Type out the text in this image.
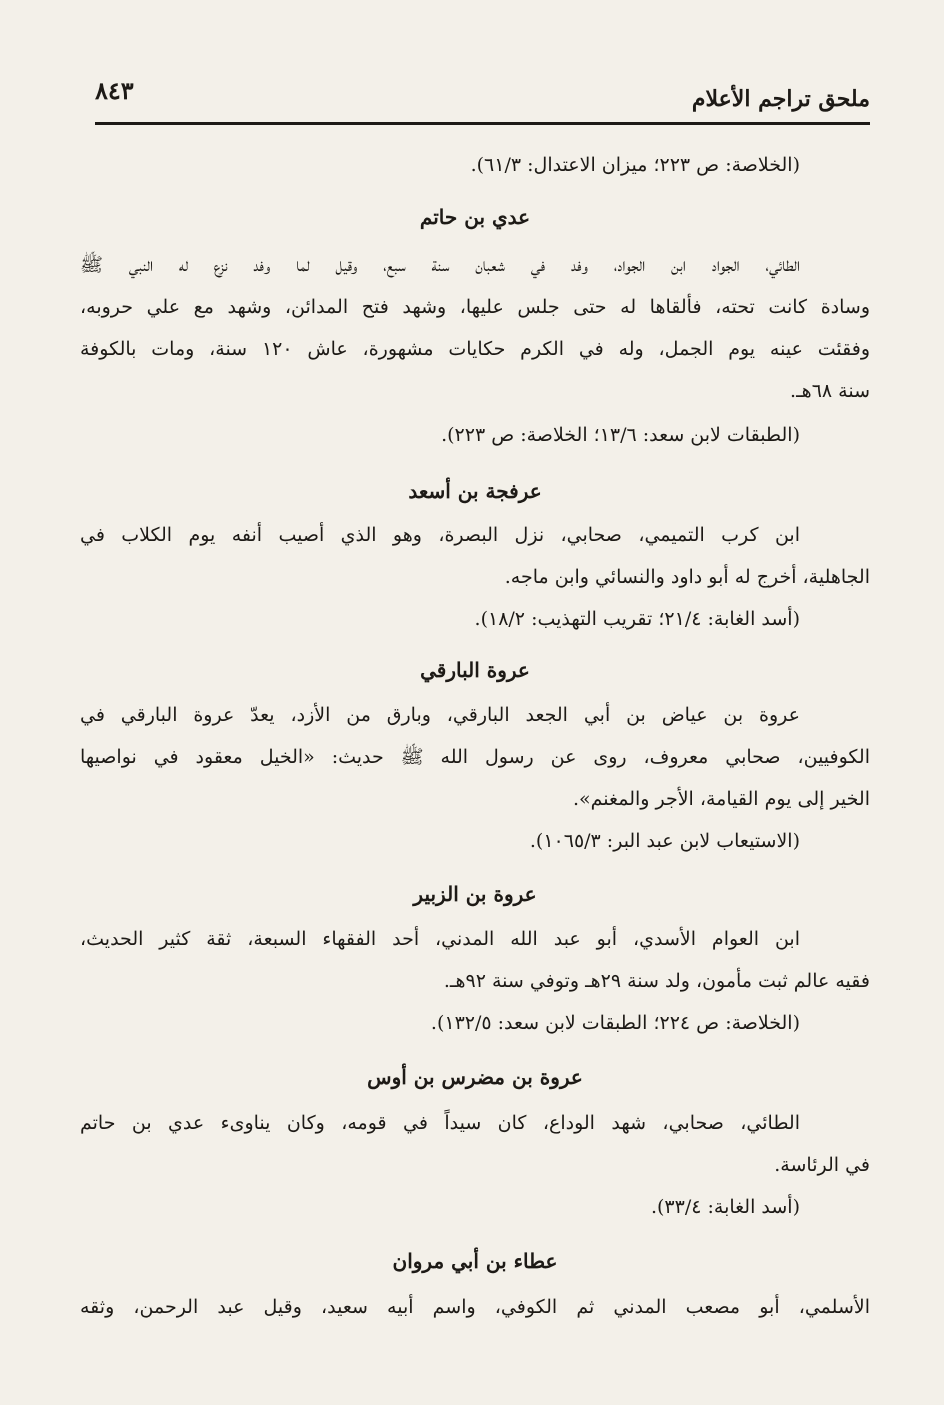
٨٤٣	ملحق تراجم الأعلام
(الخلاصة: ص ٢٢٣؛ ميزان الاعتدال: ٦١/٣).
عدي بن حاتم
الطائي، الجواد ابن الجواد، وفد في شعبان سنة سبع، وقيل لما وفد نزع له النبي ﷺ
وسادة كانت تحته، فألقاها له حتى جلس عليها، وشهد فتح المدائن، وشهد مع علي حروبه،
وفقئت عينه يوم الجمل، وله في الكرم حكايات مشهورة، عاش ١٢٠ سنة، ومات بالكوفة
سنة ٦٨هـ.
(الطبقات لابن سعد: ١٣/٦؛ الخلاصة: ص ٢٢٣).
عرفجة بن أسعد
ابن كرب التميمي، صحابي، نزل البصرة، وهو الذي أصيب أنفه يوم الكلاب في
الجاهلية، أخرج له أبو داود والنسائي وابن ماجه.
(أسد الغابة: ٢١/٤؛ تقريب التهذيب: ١٨/٢).
عروة البارقي
عروة بن عياض بن أبي الجعد البارقي، وبارق من الأزد، يعدّ عروة البارقي في
الكوفيين، صحابي معروف، روى عن رسول الله ﷺ حديث: «الخيل معقود في نواصيها
الخير إلى يوم القيامة، الأجر والمغنم».
(الاستيعاب لابن عبد البر: ١٠٦٥/٣).
عروة بن الزبير
ابن العوام الأسدي، أبو عبد الله المدني، أحد الفقهاء السبعة، ثقة كثير الحديث،
فقيه عالم ثبت مأمون، ولد سنة ٢٩هـ وتوفي سنة ٩٢هـ.
(الخلاصة: ص ٢٢٤؛ الطبقات لابن سعد: ١٣٢/٥).
عروة بن مضرس بن أوس
الطائي، صحابي، شهد الوداع، كان سيداً في قومه، وكان يناوىء عدي بن حاتم
في الرئاسة.
(أسد الغابة: ٣٣/٤).
عطاء بن أبي مروان
الأسلمي، أبو مصعب المدني ثم الكوفي، واسم أبيه سعيد، وقيل عبد الرحمن، وثقه
